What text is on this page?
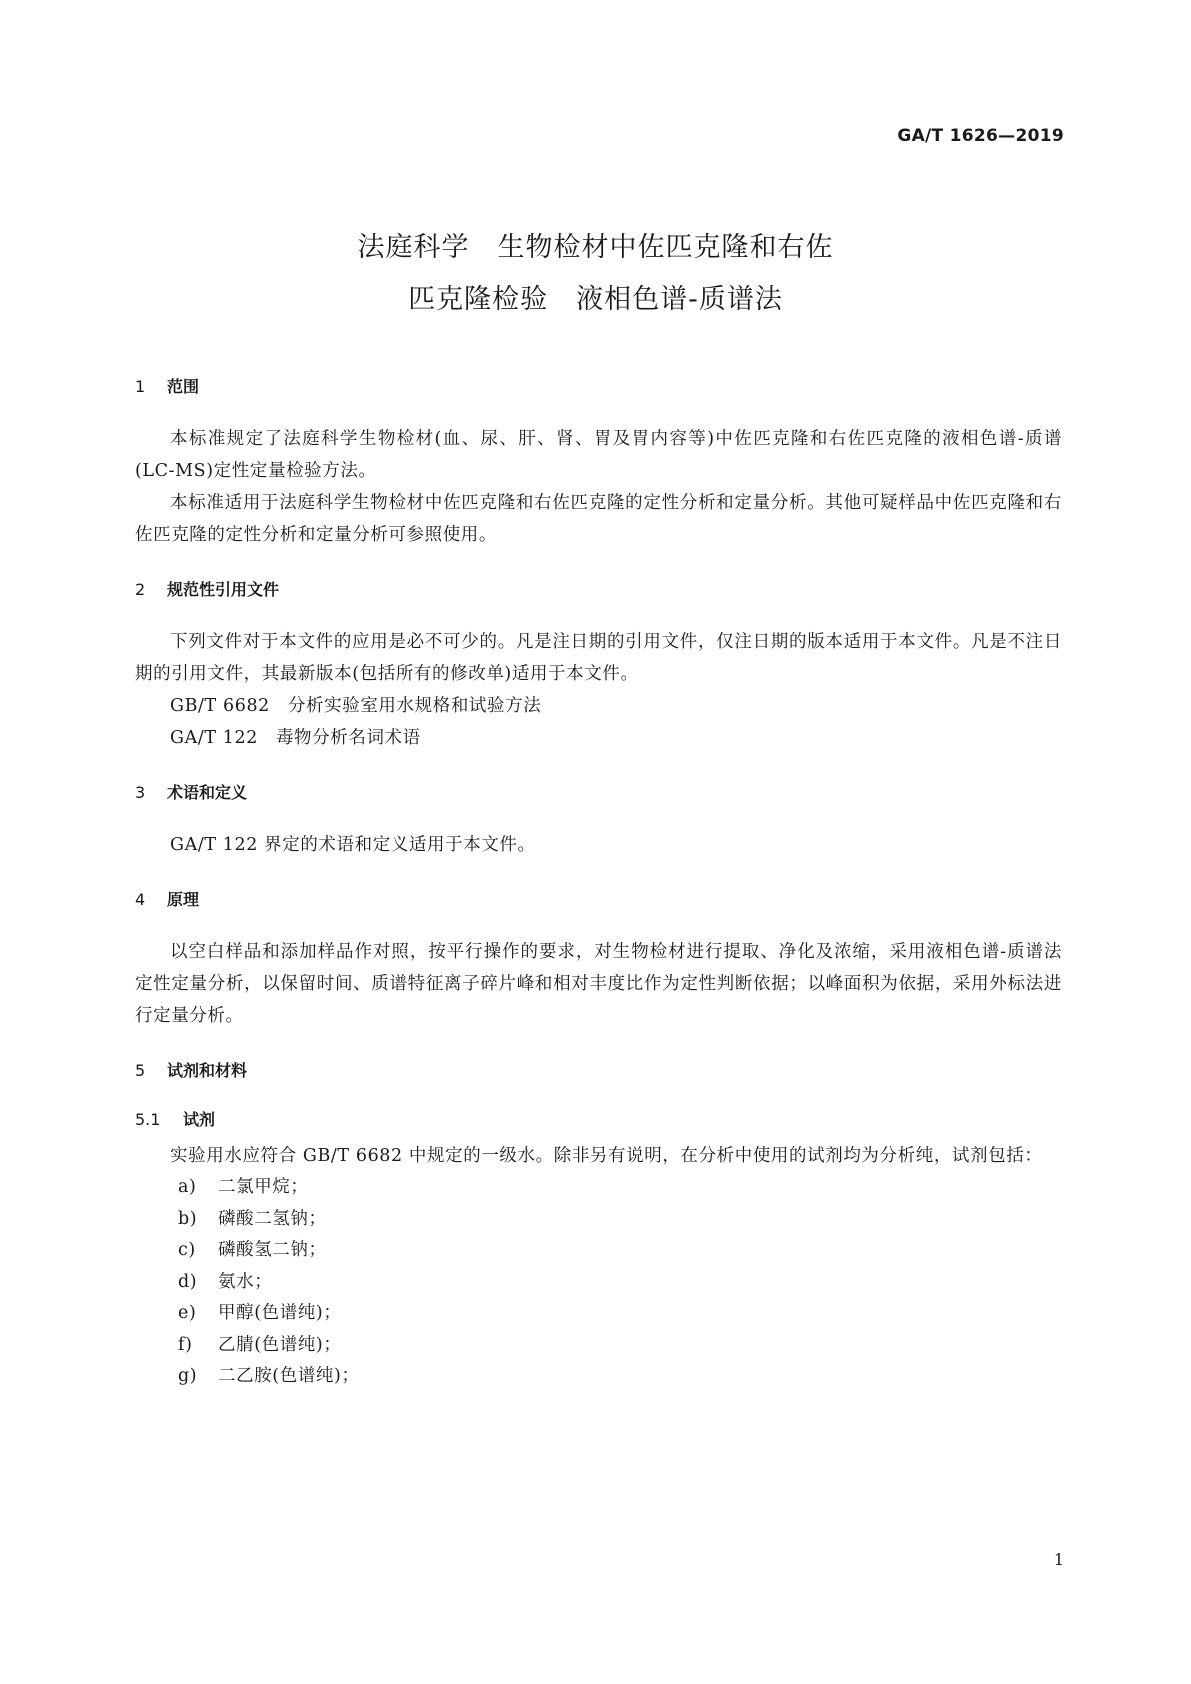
GA/T 1626—2019
法庭科学　生物检材中佐匹克隆和右佐
匹克隆检验　液相色谱-质谱法
1 范围

本标准规定了法庭科学生物检材(血、尿、肝、肾、胃及胃内容等)中佐匹克隆和右佐匹克隆的液相色谱-质谱(LC-MS)定性定量检验方法。

本标准适用于法庭科学生物检材中佐匹克隆和右佐匹克隆的定性分析和定量分析。其他可疑样品中佐匹克隆和右佐匹克隆的定性分析和定量分析可参照使用。

2 规范性引用文件

下列文件对于本文件的应用是必不可少的。凡是注日期的引用文件，仅注日期的版本适用于本文件。凡是不注日期的引用文件，其最新版本(包括所有的修改单)适用于本文件。

GB/T 6682 分析实验室用水规格和试验方法

GA/T 122 毒物分析名词术语

3 术语和定义

GA/T 122 界定的术语和定义适用于本文件。

4 原理

以空白样品和添加样品作对照，按平行操作的要求，对生物检材进行提取、净化及浓缩，采用液相色谱-质谱法定性定量分析，以保留时间、质谱特征离子碎片峰和相对丰度比作为定性判断依据；以峰面积为依据，采用外标法进行定量分析。

5 试剂和材料
5.1 试剂

实验用水应符合 GB/T 6682 中规定的一级水。除非另有说明，在分析中使用的试剂均为分析纯，试剂包括：

a) 二氯甲烷；

b) 磷酸二氢钠；

c) 磷酸氢二钠；

d) 氨水；

e) 甲醇(色谱纯)；

f) 乙腈(色谱纯)；

g) 二乙胺(色谱纯)；

1
